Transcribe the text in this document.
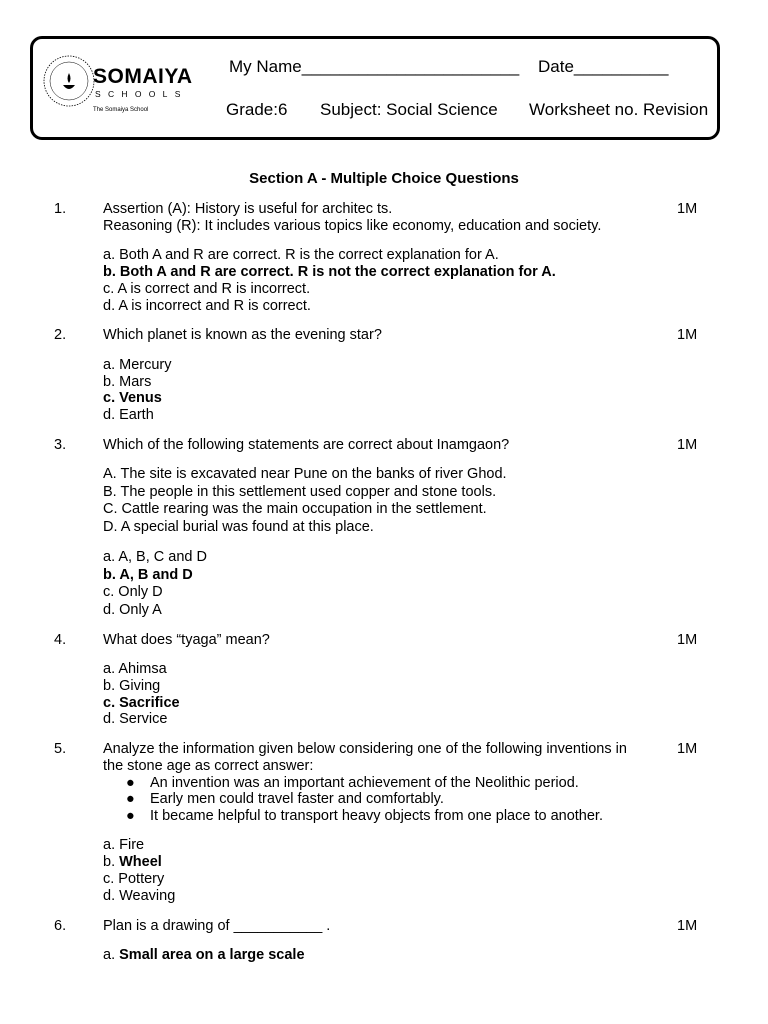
SOMAIYA
SCHOOLS
The Somaiya School
My Name_______________________ Date__________
Grade:6 Subject: Social Science Worksheet no. Revision
Section A - Multiple Choice Questions
1.	Assertion (A): History is useful for architec ts.	1M
Reasoning (R): It includes various topics like economy, education and society.
a. Both A and R are correct. R is the correct explanation for A.
b. Both A and R are correct. R is not the correct explanation for A.
c. A is correct and R is incorrect.
d. A is incorrect and R is correct.
2.	Which planet is known as the evening star?	1M
a. Mercury
b. Mars
c. Venus
d. Earth
3.	Which of the following statements are correct about Inamgaon?	1M
A. The site is excavated near Pune on the banks of river Ghod.
B. The people in this settlement used copper and stone tools.
C. Cattle rearing was the main occupation in the settlement.
D. A special burial was found at this place.
a. A, B, C and D
b. A, B and D
c. Only D
d. Only A
4.	What does “tyaga” mean?	1M
a. Ahimsa
b. Giving
c. Sacrifice
d. Service
5.	Analyze the information given below considering one of the following inventions in	1M
the stone age as correct answer:
● An invention was an important achievement of the Neolithic period.
● Early men could travel faster and comfortably.
● It became helpful to transport heavy objects from one place to another.
a. Fire
b. Wheel
c. Pottery
d. Weaving
6.	Plan is a drawing of ___________ .	1M
a. Small area on a large scale
